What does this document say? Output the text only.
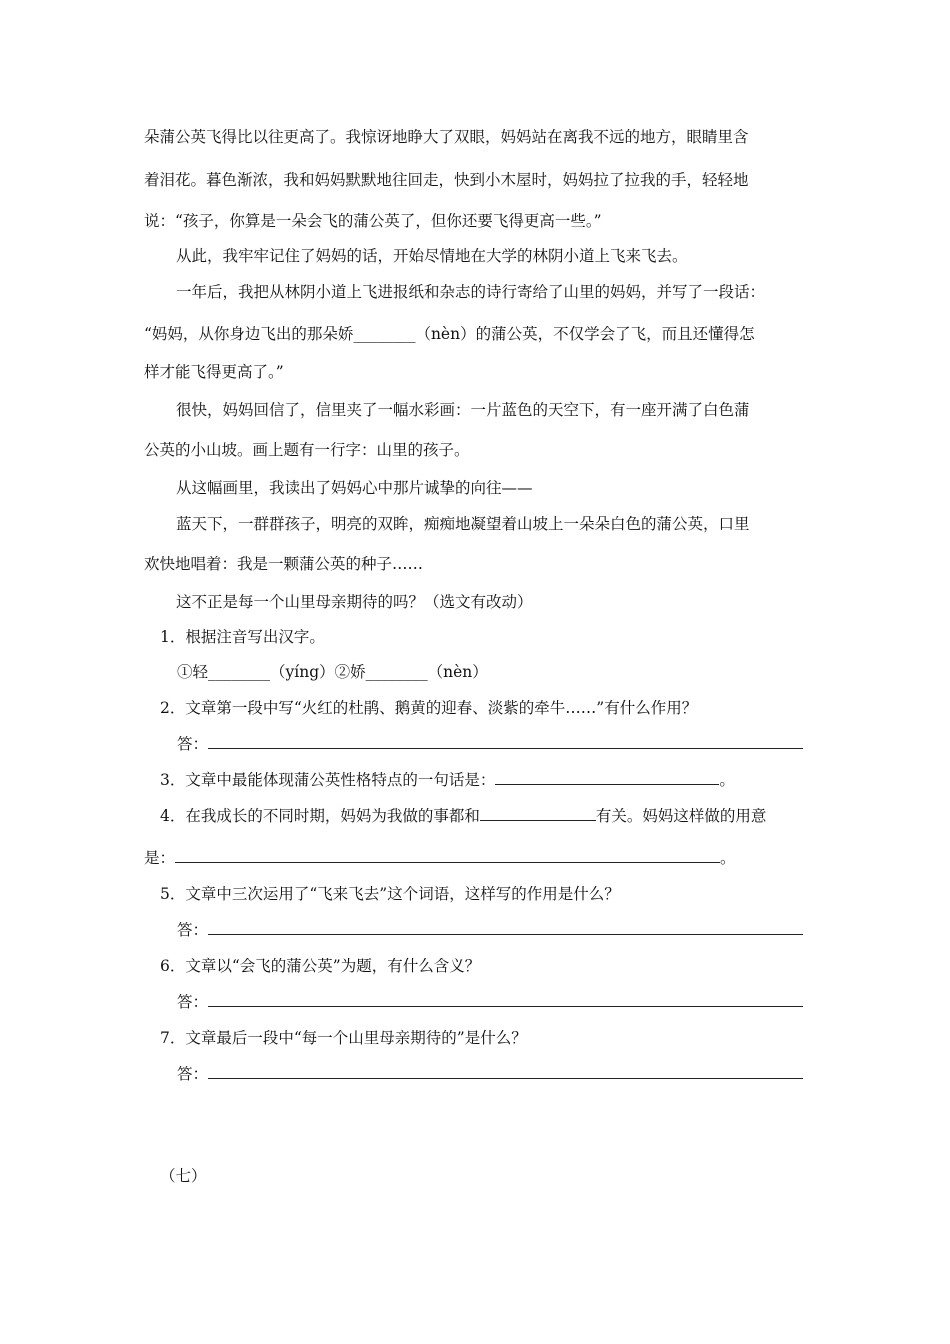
朵蒲公英飞得比以往更高了。我惊讶地睁大了双眼，妈妈站在离我不远的地方，眼睛里含
着泪花。暮色渐浓，我和妈妈默默地往回走，快到小木屋时，妈妈拉了拉我的手，轻轻地
说：“孩子，你算是一朵会飞的蒲公英了，但你还要飞得更高一些。”
从此，我牢牢记住了妈妈的话，开始尽情地在大学的林阴小道上飞来飞去。
一年后，我把从林阴小道上飞进报纸和杂志的诗行寄给了山里的妈妈，并写了一段话：
“妈妈，从你身边飞出的那朵娇________（nèn）的蒲公英，不仅学会了飞，而且还懂得怎
样才能飞得更高了。”
很快，妈妈回信了，信里夹了一幅水彩画：一片蓝色的天空下，有一座开满了白色蒲
公英的小山坡。画上题有一行字：山里的孩子。
从这幅画里，我读出了妈妈心中那片诚挚的向往——
蓝天下，一群群孩子，明亮的双眸，痴痴地凝望着山坡上一朵朵白色的蒲公英，口里
欢快地唱着：我是一颗蒲公英的种子……
这不正是每一个山里母亲期待的吗？（选文有改动）
1．根据注音写出汉字。
①轻________（yíng）②娇________（nèn）
2．文章第一段中写“火红的杜鹃、鹅黄的迎春、淡紫的牵牛……”有什么作用？
答：
3．文章中最能体现蒲公英性格特点的一句话是：	。
4．在我成长的不同时期，妈妈为我做的事都和	有关。妈妈这样做的用意
是：	。
5．文章中三次运用了“飞来飞去”这个词语，这样写的作用是什么？
答：
6．文章以“会飞的蒲公英”为题，有什么含义？
答：
7．文章最后一段中“每一个山里母亲期待的”是什么？
答：
（七）
